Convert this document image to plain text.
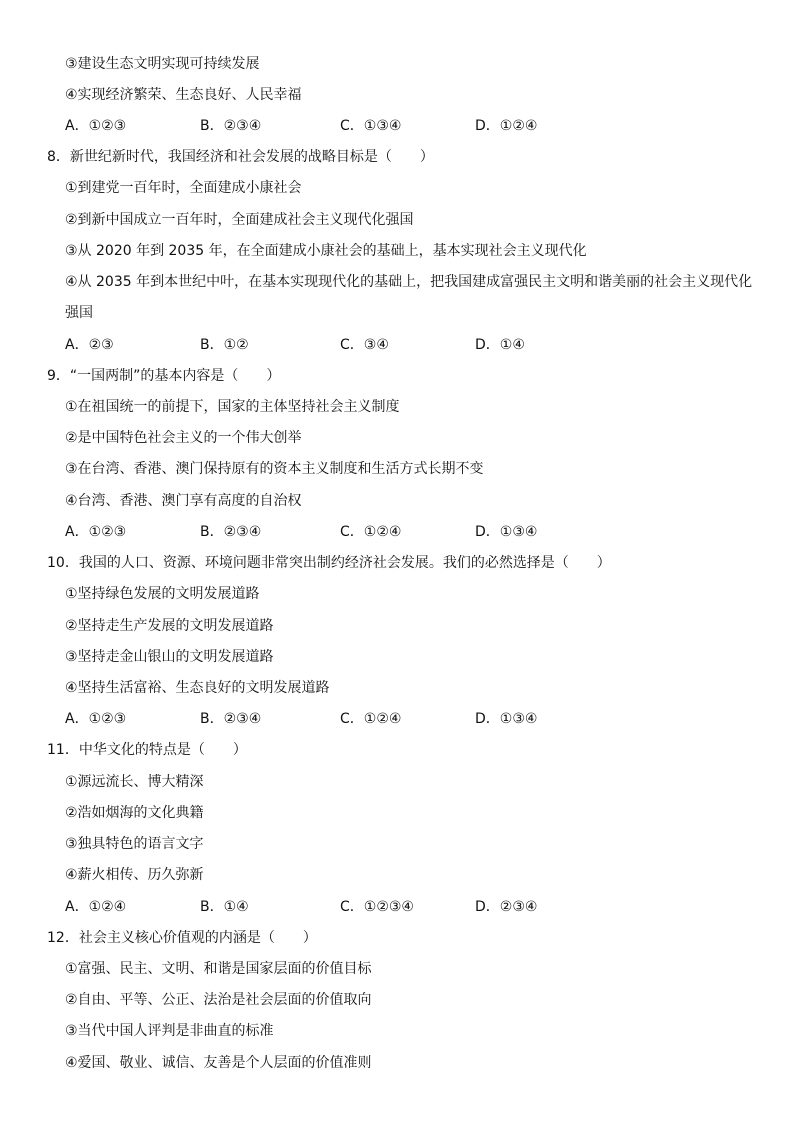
③建设生态文明实现可持续发展
④实现经济繁荣、生态良好、人民幸福
A．①②③	B．②③④	C．①③④	D．①②④
8．新世纪新时代，我国经济和社会发展的战略目标是（　　）
①到建党一百年时，全面建成小康社会
②到新中国成立一百年时，全面建成社会主义现代化强国
③从 2020 年到 2035 年，在全面建成小康社会的基础上，基本实现社会主义现代化
④从 2035 年到本世纪中叶，在基本实现现代化的基础上，把我国建成富强民主文明和谐美丽的社会主义现代化
强国
A．②③	B．①②	C．③④	D．①④
9．“一国两制”的基本内容是（　　）
①在祖国统一的前提下，国家的主体坚持社会主义制度
②是中国特色社会主义的一个伟大创举
③在台湾、香港、澳门保持原有的资本主义制度和生活方式长期不变
④台湾、香港、澳门享有高度的自治权
A．①②③	B．②③④	C．①②④	D．①③④
10．我国的人口、资源、环境问题非常突出制约经济社会发展。我们的必然选择是（　　）
①坚持绿色发展的文明发展道路
②坚持走生产发展的文明发展道路
③坚持走金山银山的文明发展道路
④坚持生活富裕、生态良好的文明发展道路
A．①②③	B．②③④	C．①②④	D．①③④
11．中华文化的特点是（　　）
①源远流长、博大精深
②浩如烟海的文化典籍
③独具特色的语言文字
④薪火相传、历久弥新
A．①②④	B．①④	C．①②③④	D．②③④
12．社会主义核心价值观的内涵是（　　）
①富强、民主、文明、和谐是国家层面的价值目标
②自由、平等、公正、法治是社会层面的价值取向
③当代中国人评判是非曲直的标准
④爱国、敬业、诚信、友善是个人层面的价值准则
